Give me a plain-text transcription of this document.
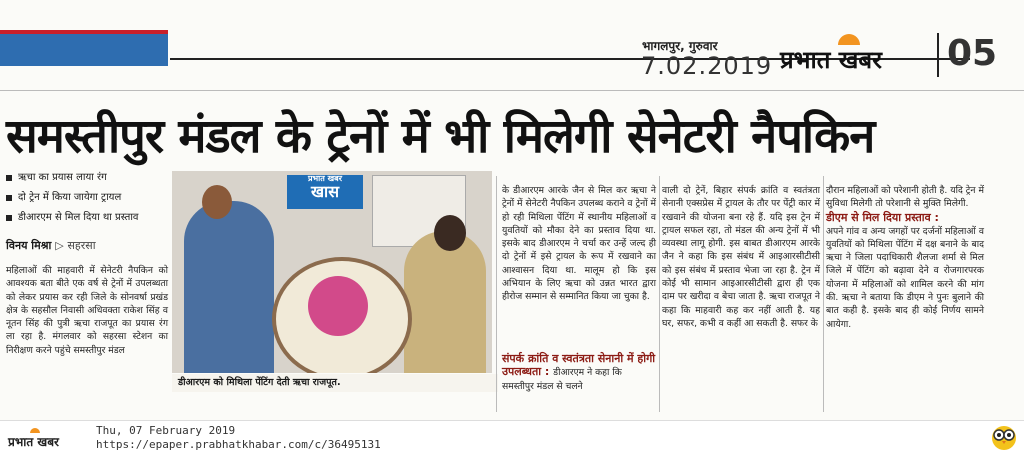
भागलपुर, गुरुवार
7.02.2019 प्रभात खबर 05
समस्तीपुर मंडल के ट्रेनों में भी मिलेगी सेनेटरी नैपकिन
ऋचा का प्रयास लाया रंग
दो ट्रेन में किया जायेगा ट्रायल
डीआरएम से मिल दिया था प्रस्ताव
विनय मिश्रा ▷ सहरसा
महिलाओं की माहवारी में सेनेटरी नैपकिन को आवश्यक बता बीते एक वर्ष से ट्रेनों में उपलब्धता को लेकर प्रयास कर रही जिले के सोनवर्षा प्रखंड क्षेत्र के सहसौल निवासी अधिवक्ता राकेश सिंह व नूतन सिंह की पुत्री ऋचा राजपूत का प्रयास रंग ला रहा है. मंगलवार को सहरसा स्टेशन का निरीक्षण करने पहुंचे समस्तीपुर मंडल
प्रभात खबर
खास
डीआरएम को मिथिला पेंटिंग देती ऋचा राजपूत.
के डीआरएम आरके जैन से मिल कर ऋचा ने ट्रेनों में सेनेटरी नैपकिन उपलब्ध कराने व ट्रेनों में हो रही मिथिला पेंटिंग में स्थानीय महिलाओं व युवतियों को मौका देने का प्रस्ताव दिया था. इसके बाद डीआरएम ने चर्चा कर उन्हें जल्द ही दो ट्रेनों में इसे ट्रायल के रूप में रखवाने का आश्वासन दिया था. मालूम हो कि इस अभियान के लिए ऋचा को उन्नत भारत द्वारा हीरोज सम्मान से सम्मानित किया जा चुका है.
संपर्क क्रांति व स्वतंत्रता सेनानी में होगी उपलब्धता : डीआरएम ने कहा कि समस्तीपुर मंडल से चलने
वाली दो ट्रेनें, बिहार संपर्क क्रांति व स्वतंत्रता सेनानी एक्सप्रेस में ट्रायल के तौर पर पेंट्री कार में रखवाने की योजना बना रहे हैं. यदि इस ट्रेन में ट्रायल सफल रहा, तो मंडल की अन्य ट्रेनों में भी व्यवस्था लागू होगी. इस बाबत डीआरएम आरके जैन ने कहा कि इस संबंध में आइआरसीटीसी को इस संबंध में प्रस्ताव भेजा जा रहा है. ट्रेन में कोई भी सामान आइआरसीटीसी द्वारा ही एक दाम पर खरीदा व बेचा जाता है. ऋचा राजपूत ने कहा कि माहवारी कह कर नहीं आती है. यह घर, सफर, कभी व कहीं आ सकती है. सफर के
दौरान महिलाओं को परेशानी होती है. यदि ट्रेन में सुविधा मिलेगी तो परेशानी से मुक्ति मिलेगी.
डीएम से मिल दिया प्रस्ताव :
अपने गांव व अन्य जगहों पर दर्जनों महिलाओं व युवतियों को मिथिला पेंटिंग में दक्ष बनाने के बाद ऋचा ने जिला पदाधिकारी शैलजा शर्मा से मिल जिले में पेंटिंग को बढ़ावा देने व रोजगारपरक योजना में महिलाओं को शामिल करने की मांग की. ऋचा ने बताया कि डीएम ने पुनः बुलाने की बात कही है. इसके बाद ही कोई निर्णय सामने आयेगा.
प्रभात खबर
Thu, 07 February 2019
https://epaper.prabhatkhabar.com/c/36495131
